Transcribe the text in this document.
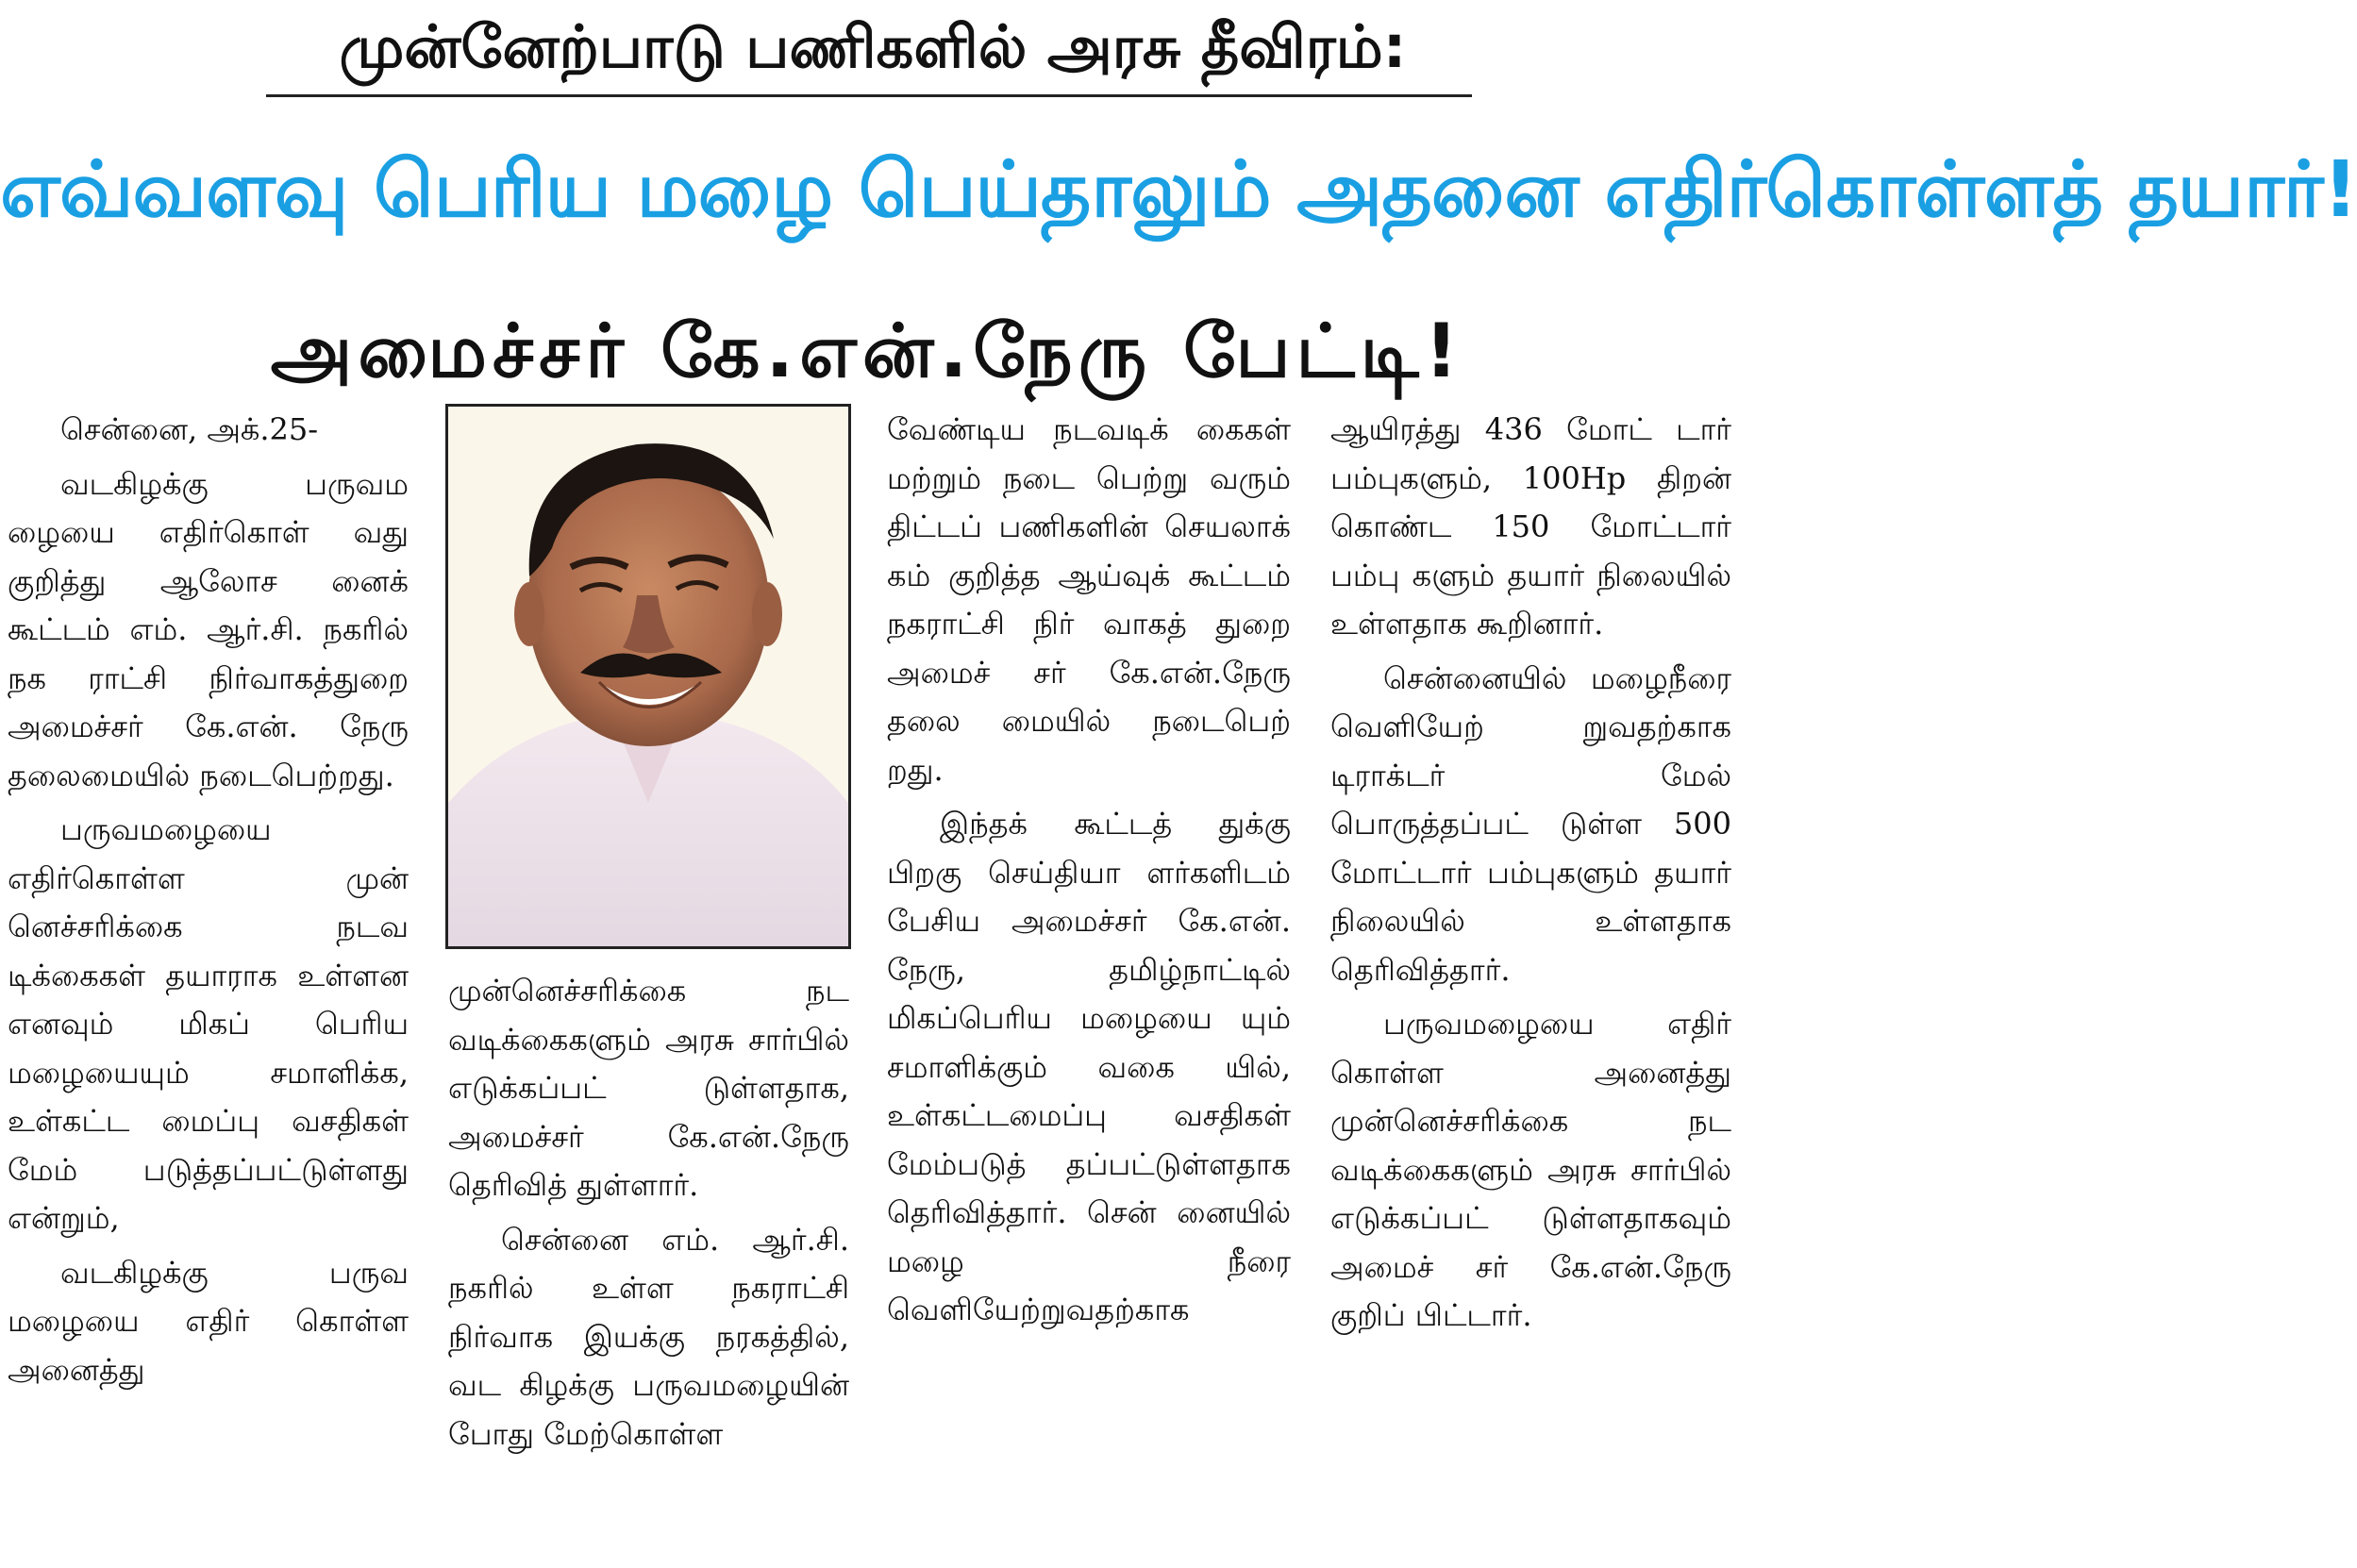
முன்னேற்பாடு பணிகளில் அரசு தீவிரம்:
எவ்வளவு பெரிய மழை பெய்தாலும் அதனை எதிர்கொள்ளத் தயார்!
அமைச்சர் கே.என்.நேரு பேட்டி!

சென்னை, அக்.25-

வடகிழக்கு பருவம ழையை எதிர்கொள் வது குறித்து ஆலோச னைக் கூட்டம் எம். ஆர்.சி. நகரில் நக ராட்சி நிர்வாகத்துறை அமைச்சர் கே.என். நேரு தலைமையில் நடைபெற்றது.

பருவமழையை எதிர்கொள்ள முன் னெச்சரிக்கை நடவ டிக்கைகள் தயாராக உள்ளன எனவும் மிகப் பெரிய மழையையும் சமாளிக்க, உள்கட்ட மைப்பு வசதிகள் மேம் படுத்தப்பட்டுள்ளது என்றும்,

வடகிழக்கு பருவ மழையை எதிர் கொள்ள அனைத்து

முன்னெச்சரிக்கை நட வடிக்கைகளும் அரசு சார்பில் எடுக்கப்பட் டுள்ளதாக, அமைச்சர் கே.என்.நேரு தெரிவித் துள்ளார்.

சென்னை எம். ஆர்.சி. நகரில் உள்ள நகராட்சி நிர்வாக இயக்கு நரகத்தில், வட கிழக்கு பருவமழையின் போது மேற்கொள்ள

வேண்டிய நடவடிக் கைகள் மற்றும் நடை பெற்று வரும் திட்டப் பணிகளின் செயலாக் கம் குறித்த ஆய்வுக் கூட்டம் நகராட்சி நிர் வாகத் துறை அமைச் சர் கே.என்.நேரு தலை மையில் நடைபெற் றது.

இந்தக் கூட்டத் துக்கு பிறகு செய்தியா ளர்களிடம் பேசிய அமைச்சர் கே.என். நேரு, தமிழ்நாட்டில் மிகப்பெரிய மழையை யும் சமாளிக்கும் வகை யில், உள்கட்டமைப்பு வசதிகள் மேம்படுத் தப்பட்டுள்ளதாக தெரிவித்தார். சென் னையில் மழை நீரை வெளியேற்றுவதற்காக

ஆயிரத்து 436 மோட் டார் பம்புகளும், 100Hp திறன் கொண்ட 150 மோட்டார் பம்பு களும் தயார் நிலையில் உள்ளதாக கூறினார்.

சென்னையில் மழைநீரை வெளியேற் றுவதற்காக டிராக்டர் மேல் பொருத்தப்பட் டுள்ள 500 மோட்டார் பம்புகளும் தயார் நிலையில் உள்ளதாக தெரிவித்தார்.

பருவமழையை எதிர் கொள்ள அனைத்து முன்னெச்சரிக்கை நட வடிக்கைகளும் அரசு சார்பில் எடுக்கப்பட் டுள்ளதாகவும் அமைச் சர் கே.என்.நேரு குறிப் பிட்டார்.
